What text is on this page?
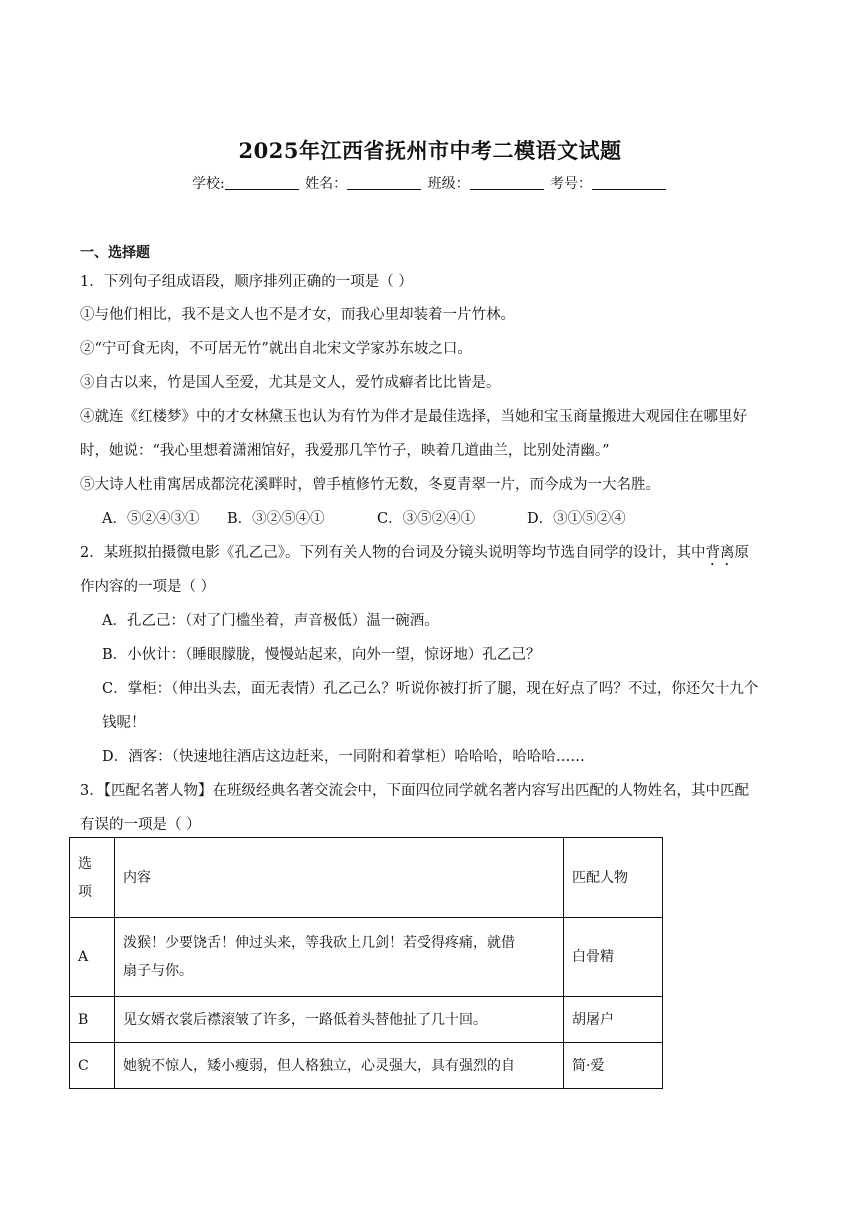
2025年江西省抚州市中考二模语文试题
学校:	姓名：	班级：	考号：
一、选择题
1．下列句子组成语段，顺序排列正确的一项是（ ）
①与他们相比，我不是文人也不是才女，而我心里却装着一片竹林。
②“宁可食无肉，不可居无竹”就出自北宋文学家苏东坡之口。
③自古以来，竹是国人至爱，尤其是文人，爱竹成癖者比比皆是。
④就连《红楼梦》中的才女林黛玉也认为有竹为伴才是最佳选择，当她和宝玉商量搬进大观园住在哪里好
时，她说：“我心里想着潇湘馆好，我爱那几竿竹子，映着几道曲兰，比别处清幽。”
⑤大诗人杜甫寓居成都浣花溪畔时，曾手植修竹无数，冬夏青翠一片，而今成为一大名胜。
A．⑤②④③① B．③②⑤④①	C．③⑤②④①	D．③①⑤②④
2．某班拟拍摄微电影《孔乙己》。下列有关人物的台词及分镜头说明等均节选自同学的设计，其中背离原
作内容的一项是（ ）
A．孔乙己：（对了门槛坐着，声音极低）温一碗酒。
B．小伙计：（睡眼朦胧，慢慢站起来，向外一望，惊讶地）孔乙己？
C．掌柜：（伸出头去，面无表情）孔乙己么？听说你被打折了腿，现在好点了吗？不过，你还欠十九个
钱呢！
D．酒客：（快速地往酒店这边赶来，一同附和着掌柜）哈哈哈，哈哈哈……
3．【匹配名著人物】在班级经典名著交流会中，下面四位同学就名著内容写出匹配的人物姓名，其中匹配
有误的一项是（ ）
选
项	内容	匹配人物
A	泼猴！少要饶舌！伸过头来，等我砍上几剑！若受得疼痛，就借
扇子与你。	白骨精
B	见女婿衣裳后襟滚皱了许多，一路低着头替他扯了几十回。	胡屠户
C	她貌不惊人，矮小瘦弱，但人格独立，心灵强大，具有强烈的自	简·爱
